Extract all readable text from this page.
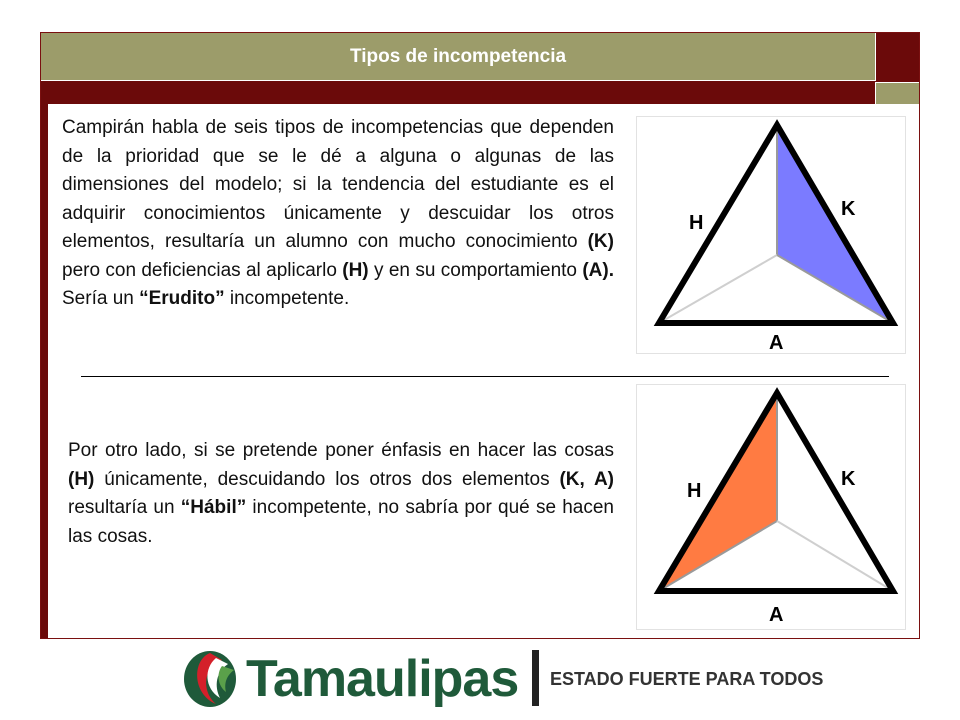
Tipos de incompetencia

Campirán habla de seis tipos de incompetencias que dependen de la prioridad que se le dé a alguna o algunas de las dimensiones del modelo; si la tendencia del estudiante es el adquirir conocimientos únicamente y descuidar los otros elementos, resultaría un alumno con mucho conocimiento (K) pero con deficiencias al aplicarlo (H) y en su comportamiento (A). Sería un “Erudito” incompetente.

Por otro lado, si se pretende poner énfasis en hacer las cosas (H) únicamente, descuidando los otros dos elementos (K, A) resultaría un “Hábil” incompetente, no sabría por qué se hacen las cosas.

H
K
A
H
K
A
Tamaulipas ESTADO FUERTE PARA TODOS
